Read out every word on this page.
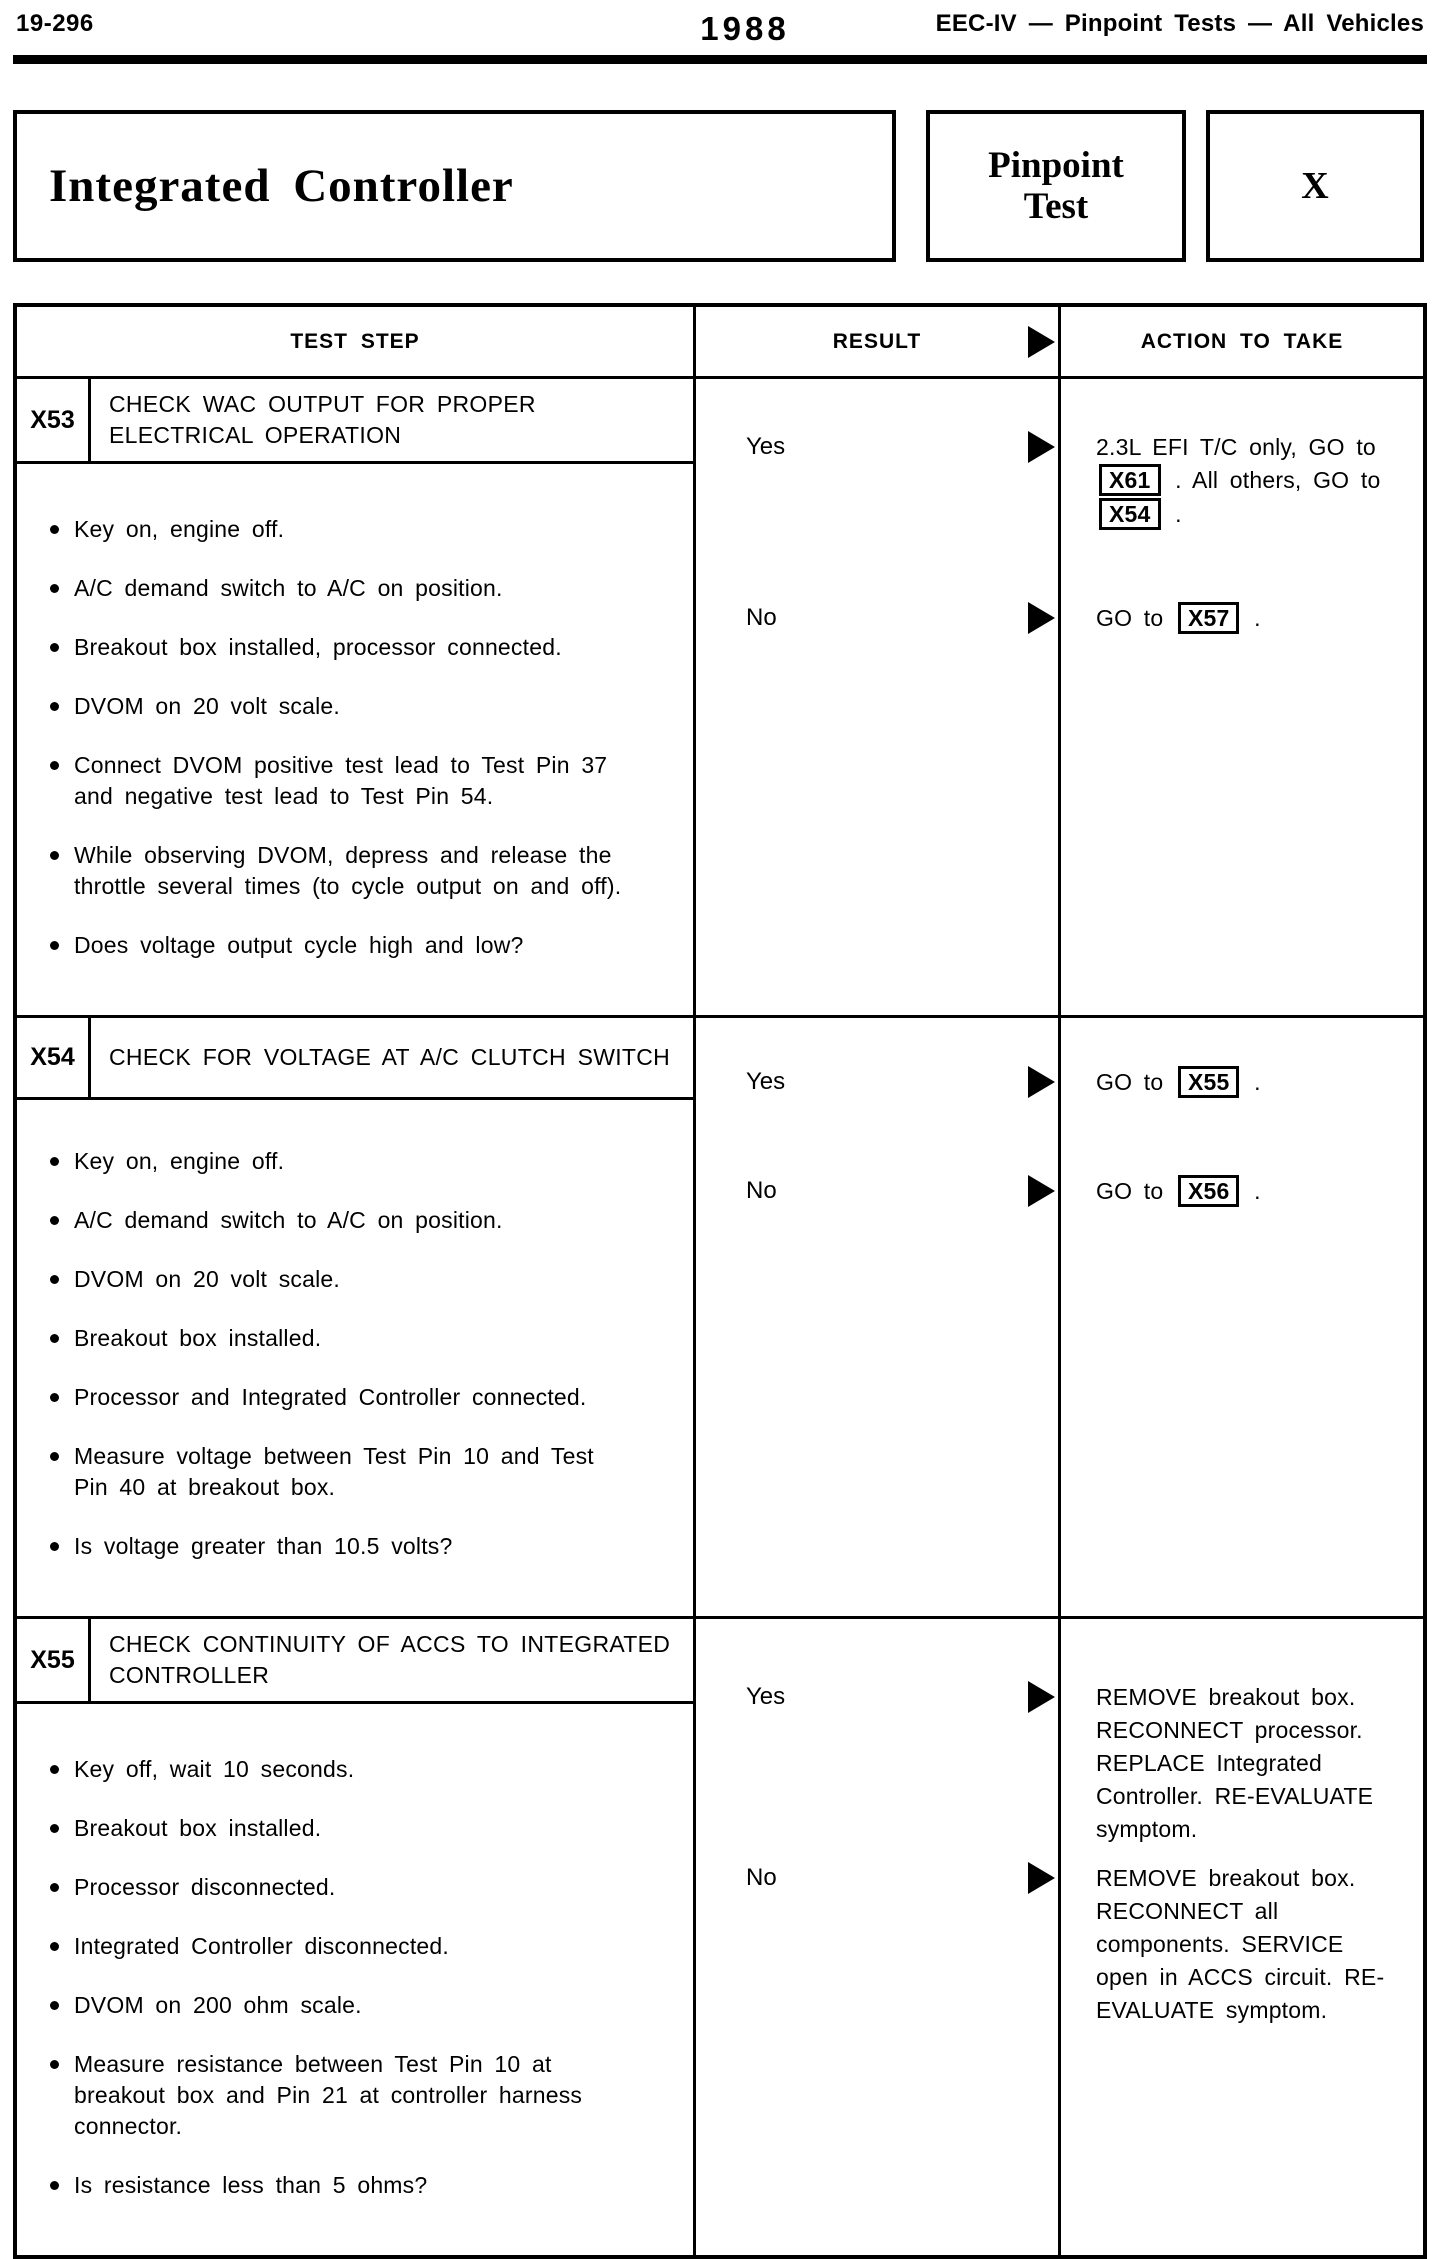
19-296	1988	EEC-IV — Pinpoint Tests — All Vehicles
Integrated Controller	Pinpoint
Test	X
TEST STEP	RESULT	ACTION TO TAKE
X53
CHECK WAC OUTPUT FOR PROPER ELECTRICAL OPERATION
Key on, engine off.
A/C demand switch to A/C on position.
Breakout box installed, processor connected.
DVOM on 20 volt scale.
Connect DVOM positive test lead to Test Pin 37 and negative test lead to Test Pin 54.
While observing DVOM, depress and release the throttle several times (to cycle output on and off).
Does voltage output cycle high and low?
Yes	2.3L EFI T/C only, GO to X61 . All others, GO to X54 .
No	GO to X57 .
X54	CHECK FOR VOLTAGE AT A/C CLUTCH SWITCH
Key on, engine off.
A/C demand switch to A/C on position.
DVOM on 20 volt scale.
Breakout box installed.
Processor and Integrated Controller connected.
Measure voltage between Test Pin 10 and Test Pin 40 at breakout box.
Is voltage greater than 10.5 volts?
Yes	GO to X55 .
No	GO to X56 .
X55
CHECK CONTINUITY OF ACCS TO INTEGRATED CONTROLLER
Key off, wait 10 seconds.
Breakout box installed.
Processor disconnected.
Integrated Controller disconnected.
DVOM on 200 ohm scale.
Measure resistance between Test Pin 10 at breakout box and Pin 21 at controller harness connector.
Is resistance less than 5 ohms?
Yes	REMOVE breakout box. RECONNECT processor. REPLACE Integrated Controller. RE-EVALUATE symptom.
No	REMOVE breakout box. RECONNECT all components. SERVICE open in ACCS circuit. RE-EVALUATE symptom.
